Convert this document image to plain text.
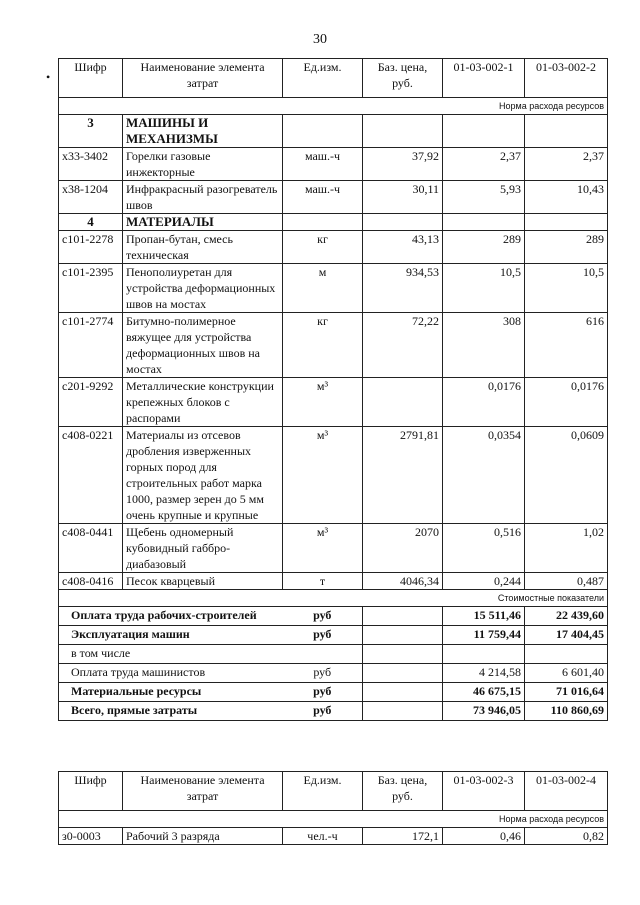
30
•
Шифр	Наименование элемента затрат	Ед.изм.	Баз. цена, руб.	01-03-002-1	01-03-002-2
Норма расхода ресурсов					
3	МАШИНЫ И МЕХАНИЗМЫ				
х33-3402	Горелки газовые инжекторные	маш.-ч	37,92	2,37	2,37
х38-1204	Инфракрасный разогреватель швов	маш.-ч	30,11	5,93	10,43
4	МАТЕРИАЛЫ				
с101-2278	Пропан-бутан, смесь техническая	кг	43,13	289	289
с101-2395	Пенополиуретан для устройства деформационных швов на мостах	м	934,53	10,5	10,5
с101-2774	Битумно-полимерное вяжущее для устройства деформационных швов на мостах	кг	72,22	308	616
с201-9292	Металлические конструкции крепежных блоков с распорами	м³		0,0176	0,0176
с408-0221	Материалы из отсевов дробления изверженных горных пород для строительных работ марка 1000, размер зерен до 5 мм очень крупные и крупные	м³	2791,81	0,0354	0,0609
с408-0441	Щебень одномерный кубовидный габбро-диабазовый	м³	2070	0,516	1,02
с408-0416	Песок кварцевый	т	4046,34	0,244	0,487
Стоимостные показатели					
Оплата труда рабочих-строителей		руб		15 511,46	22 439,60
Эксплуатация машин		руб		11 759,44	17 404,45
в том числе					
Оплата труда машинистов		руб		4 214,58	6 601,40
Материальные ресурсы		руб		46 675,15	71 016,64
Всего, прямые затраты		руб		73 946,05	110 860,69
Шифр	Наименование элемента затрат	Ед.изм.	Баз. цена, руб.	01-03-002-3	01-03-002-4
Норма расхода ресурсов					
з0-0003	Рабочий 3 разряда	чел.-ч	172,1	0,46	0,82
